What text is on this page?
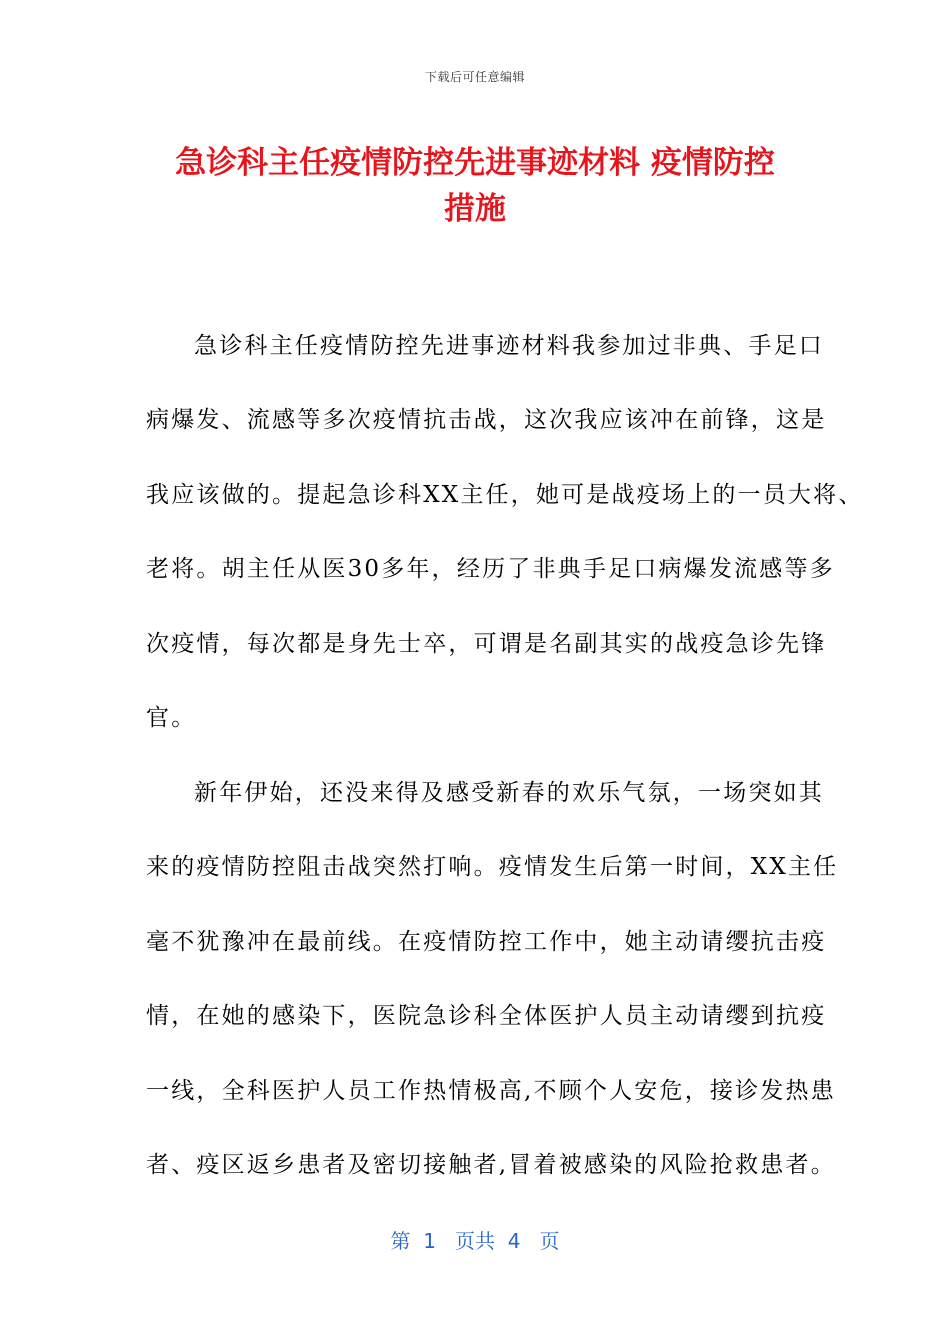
下载后可任意编辑
急诊科主任疫情防控先进事迹材料 疫情防控
措施
急诊科主任疫情防控先进事迹材料我参加过非典、手足口
病爆发、流感等多次疫情抗击战，这次我应该冲在前锋，这是
我应该做的。提起急诊科XX主任，她可是战疫场上的一员大将、
老将。胡主任从医30多年，经历了非典手足口病爆发流感等多
次疫情，每次都是身先士卒，可谓是名副其实的战疫急诊先锋
官。
新年伊始，还没来得及感受新春的欢乐气氛，一场突如其
来的疫情防控阻击战突然打响。疫情发生后第一时间，XX主任
毫不犹豫冲在最前线。在疫情防控工作中，她主动请缨抗击疫
情，在她的感染下，医院急诊科全体医护人员主动请缨到抗疫
一线，全科医护人员工作热情极高,不顾个人安危，接诊发热患
者、疫区返乡患者及密切接触者,冒着被感染的风险抢救患者。
第  1   页共  4   页
